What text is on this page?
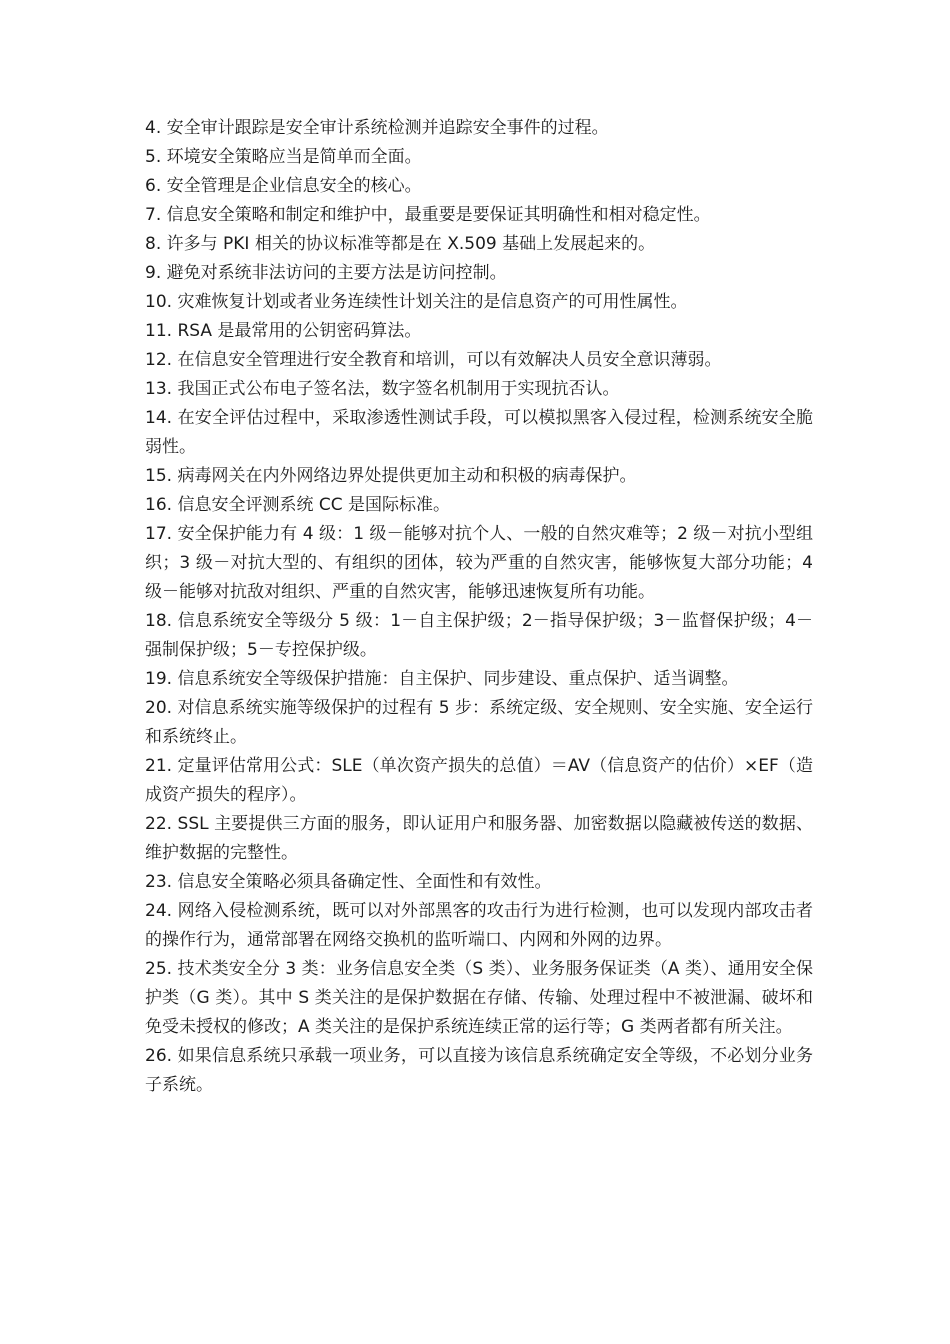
4. 安全审计跟踪是安全审计系统检测并追踪安全事件的过程。

5. 环境安全策略应当是简单而全面。

6. 安全管理是企业信息安全的核心。

7. 信息安全策略和制定和维护中，最重要是要保证其明确性和相对稳定性。

8. 许多与 PKI 相关的协议标准等都是在 X.509 基础上发展起来的。

9. 避免对系统非法访问的主要方法是访问控制。

10. 灾难恢复计划或者业务连续性计划关注的是信息资产的可用性属性。

11. RSA 是最常用的公钥密码算法。

12. 在信息安全管理进行安全教育和培训，可以有效解决人员安全意识薄弱。

13. 我国正式公布电子签名法，数字签名机制用于实现抗否认。

14. 在安全评估过程中，采取渗透性测试手段，可以模拟黑客入侵过程，检测系统安全脆弱性。

15. 病毒网关在内外网络边界处提供更加主动和积极的病毒保护。

16. 信息安全评测系统 CC 是国际标准。

17. 安全保护能力有 4 级：1 级－能够对抗个人、一般的自然灾难等；2 级－对抗小型组织；3 级－对抗大型的、有组织的团体，较为严重的自然灾害，能够恢复大部分功能；4 级－能够对抗敌对组织、严重的自然灾害，能够迅速恢复所有功能。

18. 信息系统安全等级分 5 级：1－自主保护级；2－指导保护级；3－监督保护级；4－强制保护级；5－专控保护级。

19. 信息系统安全等级保护措施：自主保护、同步建设、重点保护、适当调整。

20. 对信息系统实施等级保护的过程有 5 步：系统定级、安全规则、安全实施、安全运行和系统终止。

21. 定量评估常用公式：SLE（单次资产损失的总值）＝AV（信息资产的估价）×EF（造成资产损失的程序）。

22. SSL 主要提供三方面的服务，即认证用户和服务器、加密数据以隐藏被传送的数据、维护数据的完整性。

23. 信息安全策略必须具备确定性、全面性和有效性。

24. 网络入侵检测系统，既可以对外部黑客的攻击行为进行检测，也可以发现内部攻击者的操作行为，通常部署在网络交换机的监听端口、内网和外网的边界。

25. 技术类安全分 3 类：业务信息安全类（S 类）、业务服务保证类（A 类）、通用安全保护类（G 类）。其中 S 类关注的是保护数据在存储、传输、处理过程中不被泄漏、破坏和免受未授权的修改；A 类关注的是保护系统连续正常的运行等；G 类两者都有所关注。

26. 如果信息系统只承载一项业务，可以直接为该信息系统确定安全等级，不必划分业务子系统。
